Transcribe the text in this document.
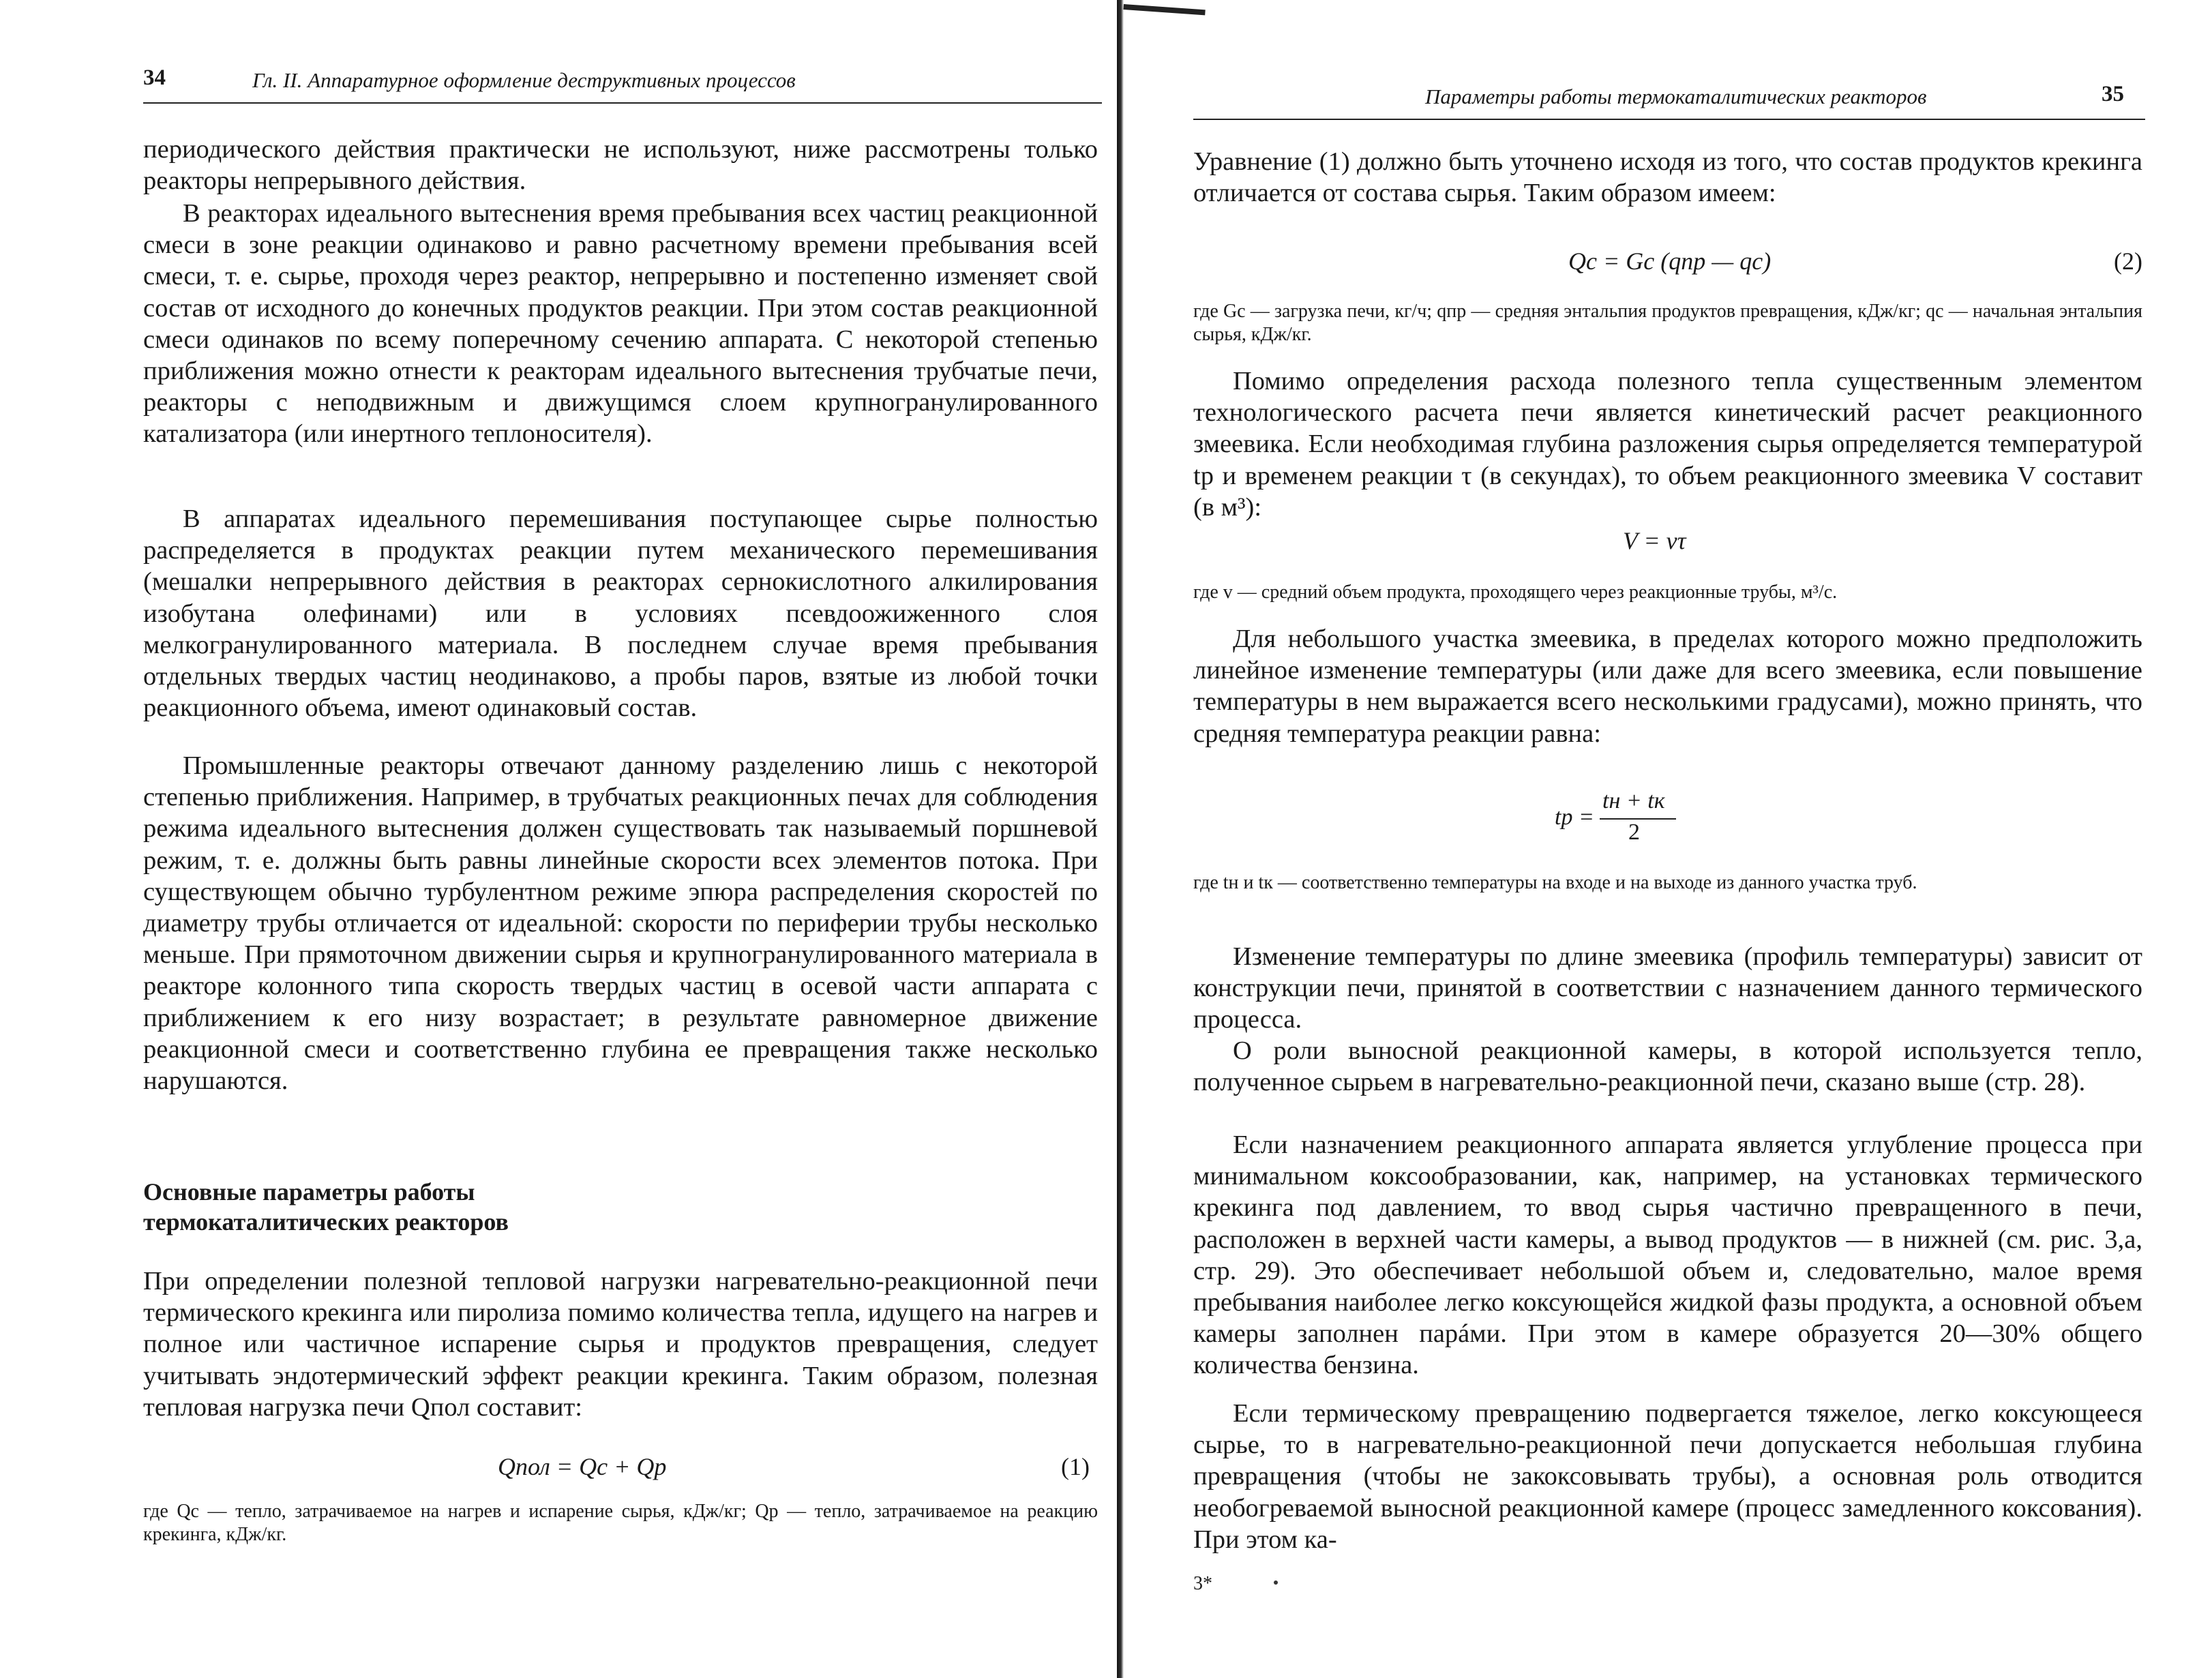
34	Гл. II. Аппаратурное оформление деструктивных процессов

периодического действия практически не используют, ниже рассмотрены только реакторы непрерывного действия.

В реакторах идеального вытеснения время пребывания всех частиц реакционной смеси в зоне реакции одинаково и равно расчетному времени пребывания всей смеси, т. е. сырье, проходя через реактор, непрерывно и постепенно изменяет свой состав от исходного до конечных продуктов реакции. При этом состав реакционной смеси одинаков по всему поперечному сечению аппарата. С некоторой степенью приближения можно отнести к реакторам идеального вытеснения трубчатые печи, реакторы с неподвижным и движущимся слоем крупногранулированного катализатора (или инертного теплоносителя).

В аппаратах идеального перемешивания поступающее сырье полностью распределяется в продуктах реакции путем механического перемешивания (мешалки непрерывного действия в реакторах сернокислотного алкилирования изобутана олефинами) или в условиях псевдоожиженного слоя мелкогранулированного материала. В последнем случае время пребывания отдельных твердых частиц неодинаково, а пробы паров, взятые из любой точки реакционного объема, имеют одинаковый состав.

Промышленные реакторы отвечают данному разделению лишь с некоторой степенью приближения. Например, в трубчатых реакционных печах для соблюдения режима идеального вытеснения должен существовать так называемый поршневой режим, т. е. должны быть равны линейные скорости всех элементов потока. При существующем обычно турбулентном режиме эпюра распределения скоростей по диаметру трубы отличается от идеальной: скорости по периферии трубы несколько меньше. При прямоточном движении сырья и крупногранулированного материала в реакторе колонного типа скорость твердых частиц в осевой части аппарата с приближением к его низу возрастает; в результате равномерное движение реакционной смеси и соответственно глубина ее превращения также несколько нарушаются.

Основные параметры работы
термокаталитических реакторов

При определении полезной тепловой нагрузки нагревательно-реакционной печи термического крекинга или пиролиза помимо количества тепла, идущего на нагрев и полное или частичное испарение сырья и продуктов превращения, следует учитывать эндотермический эффект реакции крекинга. Таким образом, полезная тепловая нагрузка печи Qпол составит:

Qпол = Qс + Qр	(1)

где Qс — тепло, затрачиваемое на нагрев и испарение сырья, кДж/кг; Qр — тепло, затрачиваемое на реакцию крекинга, кДж/кг.

Параметры работы термокаталитических реакторов	35

Уравнение (1) должно быть уточнено исходя из того, что состав продуктов крекинга отличается от состава сырья. Таким образом имеем:

Qс = Gс (qпр — qс)	(2)

где Gс — загрузка печи, кг/ч; qпр — средняя энтальпия продуктов превращения, кДж/кг; qс — начальная энтальпия сырья, кДж/кг.

Помимо определения расхода полезного тепла существенным элементом технологического расчета печи является кинетический расчет реакционного змеевика. Если необходимая глубина разложения сырья определяется температурой tр и временем реакции τ (в секундах), то объем реакционного змеевика V составит (в м³):

V = vτ

где v — средний объем продукта, проходящего через реакционные трубы, м³/с.

Для небольшого участка змеевика, в пределах которого можно предположить линейное изменение температуры (или даже для всего змеевика, если повышение температуры в нем выражается всего несколькими градусами), можно принять, что средняя температура реакции равна:

tр =
tн + tк
2

где tн и tк — соответственно температуры на входе и на выходе из данного участка труб.

Изменение температуры по длине змеевика (профиль температуры) зависит от конструкции печи, принятой в соответствии с назначением данного термического процесса.

О роли выносной реакционной камеры, в которой используется тепло, полученное сырьем в нагревательно-реакционной печи, сказано выше (стр. 28).

Если назначением реакционного аппарата является углубление процесса при минимальном коксообразовании, как, например, на установках термического крекинга под давлением, то ввод сырья частично превращенного в печи, расположен в верхней части камеры, а вывод продуктов — в нижней (см. рис. 3,а, стр. 29). Это обеспечивает небольшой объем и, следовательно, малое время пребывания наиболее легко коксующейся жидкой фазы продукта, а основной объем камеры заполнен парáми. При этом в камере образуется 20—30% общего количества бензина.

Если термическому превращению подвергается тяжелое, легко коксующееся сырье, то в нагревательно-реакционной печи допускается небольшая глубина превращения (чтобы не закоксовывать трубы), а основная роль отводится необогреваемой выносной реакционной камере (процесс замедленного коксования). При этом ка-

3*
